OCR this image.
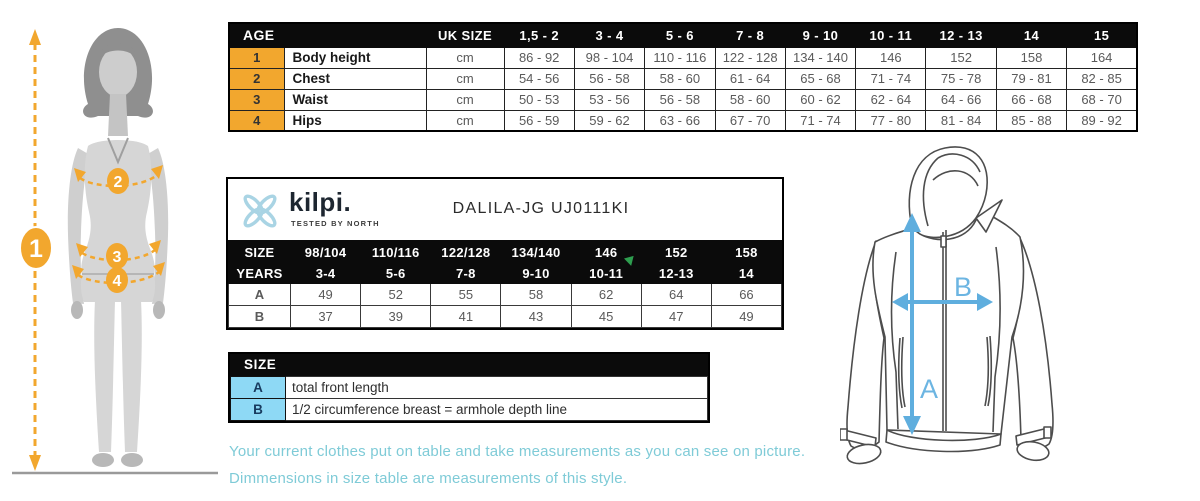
1
2
3
4
AGE		UK SIZE	1,5 - 2	3 - 4	5 - 6	7 - 8	9 - 10	10 - 11	12 - 13	14	15
1	Body height	cm	86 - 92	98 - 104	110 - 116	122 - 128	134 - 140	146	152	158	164
2	Chest	cm	54 - 56	56 - 58	58 - 60	61 - 64	65 - 68	71 - 74	75 - 78	79 - 81	82 - 85
3	Waist	cm	50 - 53	53 - 56	56 - 58	58 - 60	60 - 62	62 - 64	64 - 66	66 - 68	68 - 70
4	Hips	cm	56 - 59	59 - 62	63 - 66	67 - 70	71 - 74	77 - 80	81 - 84	85 - 88	89 - 92
kilpi.
TESTED BY NORTH
DALILA-JG UJ0111KI
SIZE	98/104	110/116	122/128	134/140	146	152	158
YEARS	3-4	5-6	7-8	9-10	10-11	12-13	14
A	49	52	55	58	62	64	66
B	37	39	41	43	45	47	49
SIZE
A	total front length
B	1/2 circumference breast = armhole depth line
Your current clothes put on table and take measurements as you can see on picture.
Dimmensions in size table are measurements of this style.
A
B
